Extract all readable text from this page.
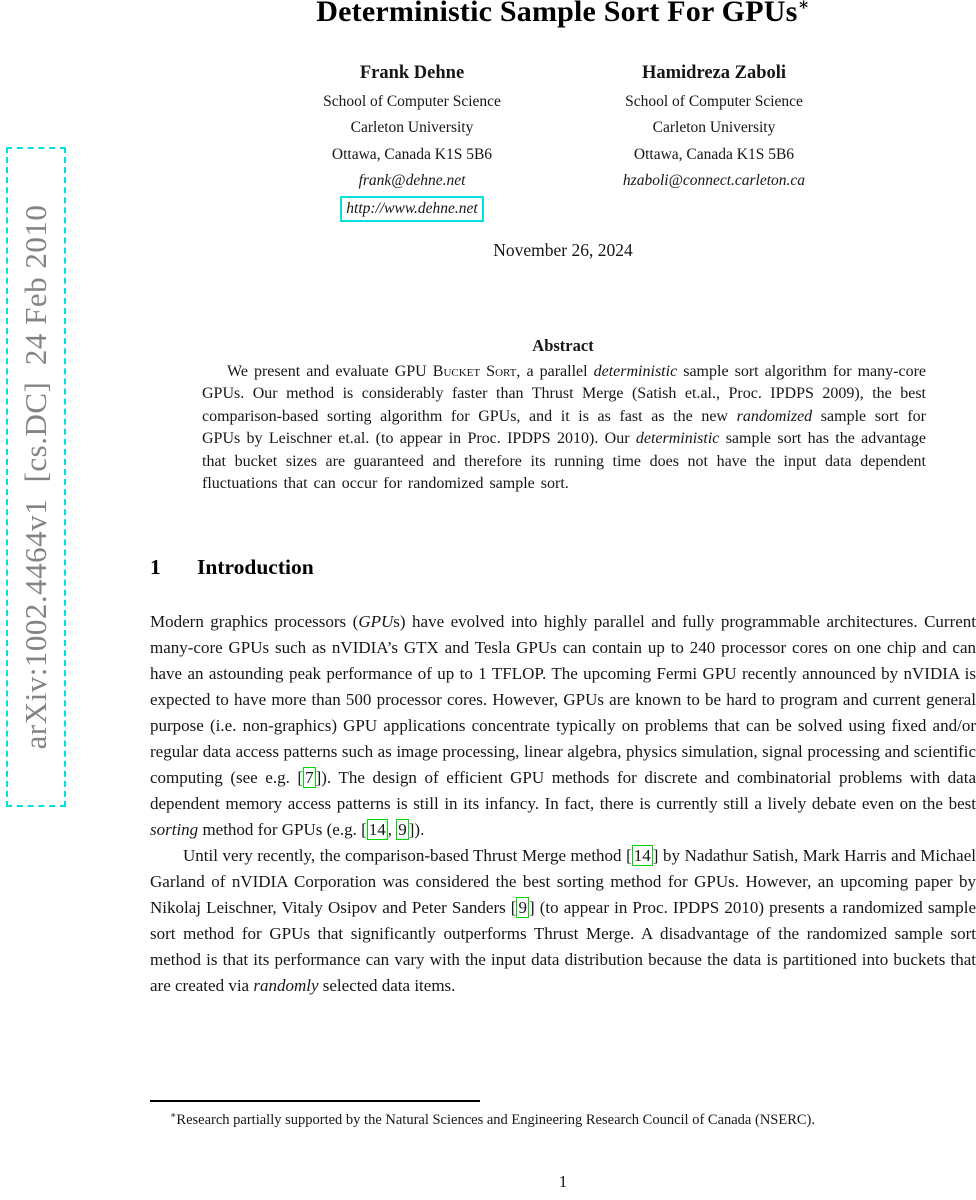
arXiv:1002.4464v1  [cs.DC]  24 Feb 2010
Deterministic Sample Sort For GPUs∗
Frank Dehne
School of Computer Science
Carleton University
Ottawa, Canada K1S 5B6
frank@dehne.net
http://www.dehne.net
Hamidreza Zaboli
School of Computer Science
Carleton University
Ottawa, Canada K1S 5B6
hzaboli@connect.carleton.ca
November 26, 2024
Abstract

We present and evaluate GPU Bucket Sort, a parallel deterministic sample sort algorithm for many-core GPUs. Our method is considerably faster than Thrust Merge (Satish et.al., Proc. IPDPS 2009), the best comparison-based sorting algorithm for GPUs, and it is as fast as the new randomized sample sort for GPUs by Leischner et.al. (to appear in Proc. IPDPS 2010). Our deterministic sample sort has the advantage that bucket sizes are guaranteed and therefore its running time does not have the input data dependent fluctuations that can occur for randomized sample sort.

1 Introduction

Modern graphics processors (GPUs) have evolved into highly parallel and fully programmable architectures. Current many-core GPUs such as nVIDIA’s GTX and Tesla GPUs can contain up to 240 processor cores on one chip and can have an astounding peak performance of up to 1 TFLOP. The upcoming Fermi GPU recently announced by nVIDIA is expected to have more than 500 processor cores. However, GPUs are known to be hard to program and current general purpose (i.e. non-graphics) GPU applications concentrate typically on problems that can be solved using fixed and/or regular data access patterns such as image processing, linear algebra, physics simulation, signal processing and scientific computing (see e.g. [ 7 ]). The design of efficient GPU methods for discrete and combinatorial problems with data dependent memory access patterns is still in its infancy. In fact, there is currently still a lively debate even on the best sorting method for GPUs (e.g. [ 14 , 9 ]).

Until very recently, the comparison-based Thrust Merge method [ 14 ] by Nadathur Satish, Mark Harris and Michael Garland of nVIDIA Corporation was considered the best sorting method for GPUs. However, an upcoming paper by Nikolaj Leischner, Vitaly Osipov and Peter Sanders [ 9 ] (to appear in Proc. IPDPS 2010) presents a randomized sample sort method for GPUs that significantly outperforms Thrust Merge. A disadvantage of the randomized sample sort method is that its performance can vary with the input data distribution because the data is partitioned into buckets that are created via randomly selected data items.

∗Research partially supported by the Natural Sciences and Engineering Research Council of Canada (NSERC).

1
